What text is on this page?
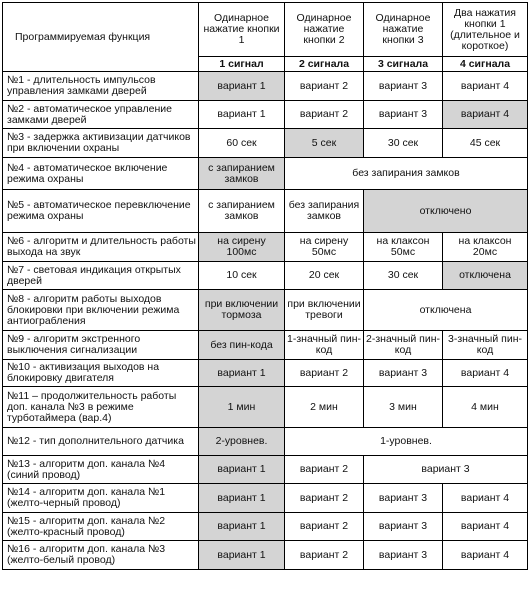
Программируемая функция	Одинарное нажатие кнопки 1	Одинарное нажатие кнопки 2	Одинарное нажатие кнопки 3	Два нажатия кнопки 1 (длительное и короткое)
	1 сигнал	2 сигнала	3 сигнала	4 сигнала
№1 - длительность импульсов управления замками дверей	вариант 1	вариант 2	вариант 3	вариант 4
№2 - автоматическое управление замками дверей	вариант 1	вариант 2	вариант 3	вариант 4
№3 - задержка активизации датчиков при включении охраны	60 сек	5 сек	30 сек	45 сек
№4 - автоматическое включение режима охраны	с запиранием замков	без запирания замков		
№5 - автоматическое перевключение режима охраны	с запиранием замков	без запирания замков	отключено	
№6 - алгоритм и длительность работы выхода на звук	на сирену 100мс	на сирену 50мс	на клаксон 50мс	на клаксон 20мс
№7 - световая индикация открытых дверей	10 сек	20 сек	30 сек	отключена
№8 - алгоритм работы выходов блокировки при включении режима антиограбления	при включении тормоза	при включении тревоги	отключена	
№9 - алгоритм экстренного выключения сигнализации	без пин-кода	1-значный пин-код	2-значный пин-код	3-значный пин-код
№10 - активизация выходов на блокировку двигателя	вариант 1	вариант 2	вариант 3	вариант 4
№11 – продолжительность работы доп. канала №3 в режиме турботаймера (вар.4)	1 мин	2 мин	3 мин	4 мин
№12 - тип дополнительного датчика	2-уровнев.	1-уровнев.		
№13 - алгоритм доп. канала №4 (синий провод)	вариант 1	вариант 2	вариант 3	
№14 - алгоритм доп. канала №1 (желто-черный провод)	вариант 1	вариант 2	вариант 3	вариант 4
№15 - алгоритм доп. канала №2 (желто-красный провод)	вариант 1	вариант 2	вариант 3	вариант 4
№16 - алгоритм доп. канала №3 (желто-белый провод)	вариант 1	вариант 2	вариант 3	вариант 4
